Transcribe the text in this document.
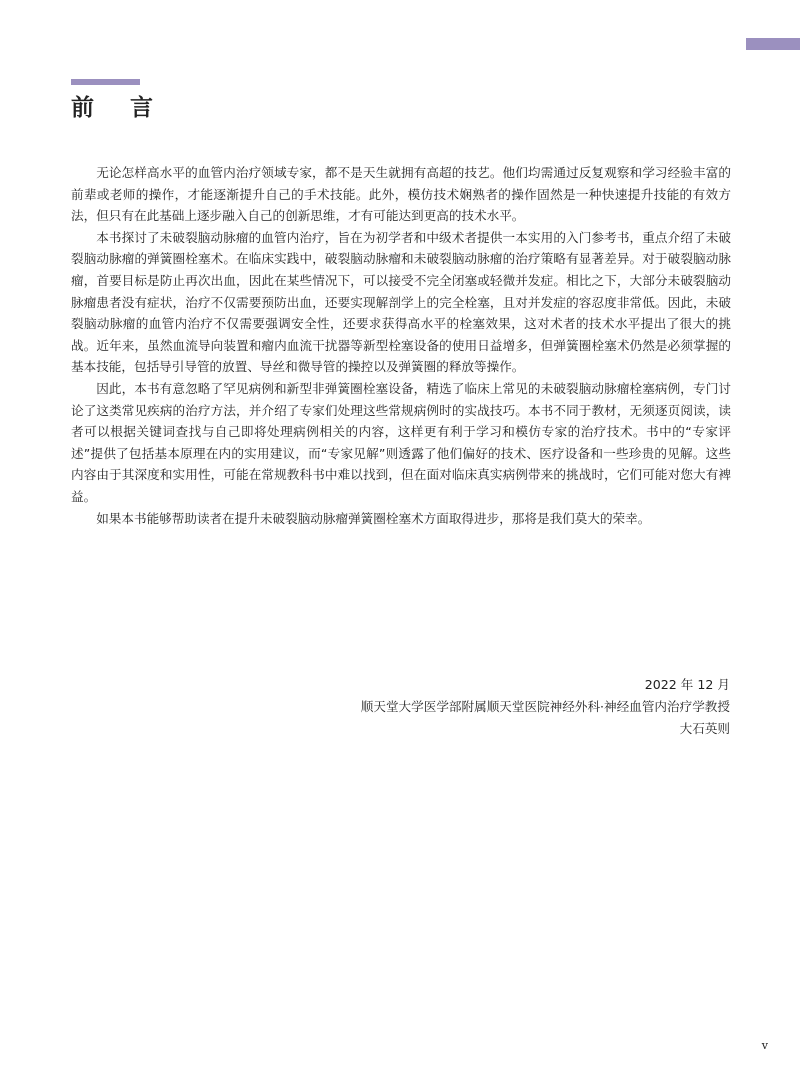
前 言

无论怎样高水平的血管内治疗领域专家，都不是天生就拥有高超的技艺。他们均需通过反复观察和学习经验丰富的前辈或老师的操作，才能逐渐提升自己的手术技能。此外，模仿技术娴熟者的操作固然是一种快速提升技能的有效方法，但只有在此基础上逐步融入自己的创新思维，才有可能达到更高的技术水平。

本书探讨了未破裂脑动脉瘤的血管内治疗，旨在为初学者和中级术者提供一本实用的入门参考书，重点介绍了未破裂脑动脉瘤的弹簧圈栓塞术。在临床实践中，破裂脑动脉瘤和未破裂脑动脉瘤的治疗策略有显著差异。对于破裂脑动脉瘤，首要目标是防止再次出血，因此在某些情况下，可以接受不完全闭塞或轻微并发症。相比之下，大部分未破裂脑动脉瘤患者没有症状，治疗不仅需要预防出血，还要实现解剖学上的完全栓塞，且对并发症的容忍度非常低。因此，未破裂脑动脉瘤的血管内治疗不仅需要强调安全性，还要求获得高水平的栓塞效果，这对术者的技术水平提出了很大的挑战。近年来，虽然血流导向装置和瘤内血流干扰器等新型栓塞设备的使用日益增多，但弹簧圈栓塞术仍然是必须掌握的基本技能，包括导引导管的放置、导丝和微导管的操控以及弹簧圈的释放等操作。

因此，本书有意忽略了罕见病例和新型非弹簧圈栓塞设备，精选了临床上常见的未破裂脑动脉瘤栓塞病例，专门讨论了这类常见疾病的治疗方法，并介绍了专家们处理这些常规病例时的实战技巧。本书不同于教材，无须逐页阅读，读者可以根据关键词查找与自己即将处理病例相关的内容，这样更有利于学习和模仿专家的治疗技术。书中的“专家评述”提供了包括基本原理在内的实用建议，而“专家见解”则透露了他们偏好的技术、医疗设备和一些珍贵的见解。这些内容由于其深度和实用性，可能在常规教科书中难以找到，但在面对临床真实病例带来的挑战时，它们可能对您大有裨益。

如果本书能够帮助读者在提升未破裂脑动脉瘤弹簧圈栓塞术方面取得进步，那将是我们莫大的荣幸。

2022 年 12 月
顺天堂大学医学部附属顺天堂医院神经外科·神经血管内治疗学教授
大石英则
v
